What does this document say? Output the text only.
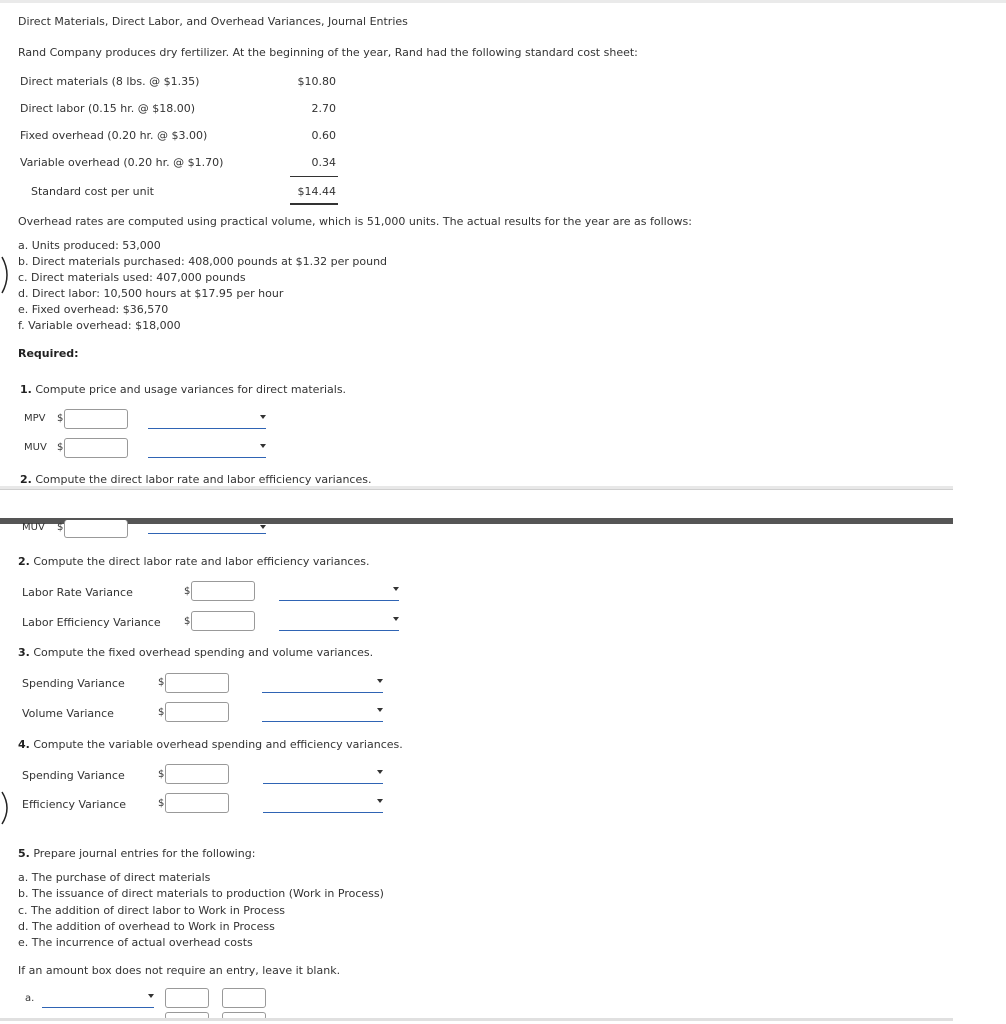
Direct Materials, Direct Labor, and Overhead Variances, Journal Entries
Rand Company produces dry fertilizer. At the beginning of the year, Rand had the following standard cost sheet:
Direct materials (8 lbs. @ $1.35)	$10.80
Direct labor (0.15 hr. @ $18.00)	2.70
Fixed overhead (0.20 hr. @ $3.00)	0.60
Variable overhead (0.20 hr. @ $1.70)	0.34
Standard cost per unit	$14.44
Overhead rates are computed using practical volume, which is 51,000 units. The actual results for the year are as follows:
a. Units produced: 53,000
b. Direct materials purchased: 408,000 pounds at $1.32 per pound
c. Direct materials used: 407,000 pounds
d. Direct labor: 10,500 hours at $17.95 per hour
e. Fixed overhead: $36,570
f. Variable overhead: $18,000
Required:
1. Compute price and usage variances for direct materials.
MPV $
MUV $
2. Compute the direct labor rate and labor efficiency variances.
MUV $
2. Compute the direct labor rate and labor efficiency variances.
Labor Rate Variance	$
Labor Efficiency Variance $
3. Compute the fixed overhead spending and volume variances.
Spending Variance	$
Volume Variance	$
4. Compute the variable overhead spending and efficiency variances.
Spending Variance	$
Efficiency Variance	$
5. Prepare journal entries for the following:
a. The purchase of direct materials
b. The issuance of direct materials to production (Work in Process)
c. The addition of direct labor to Work in Process
d. The addition of overhead to Work in Process
e. The incurrence of actual overhead costs
If an amount box does not require an entry, leave it blank.
a.
